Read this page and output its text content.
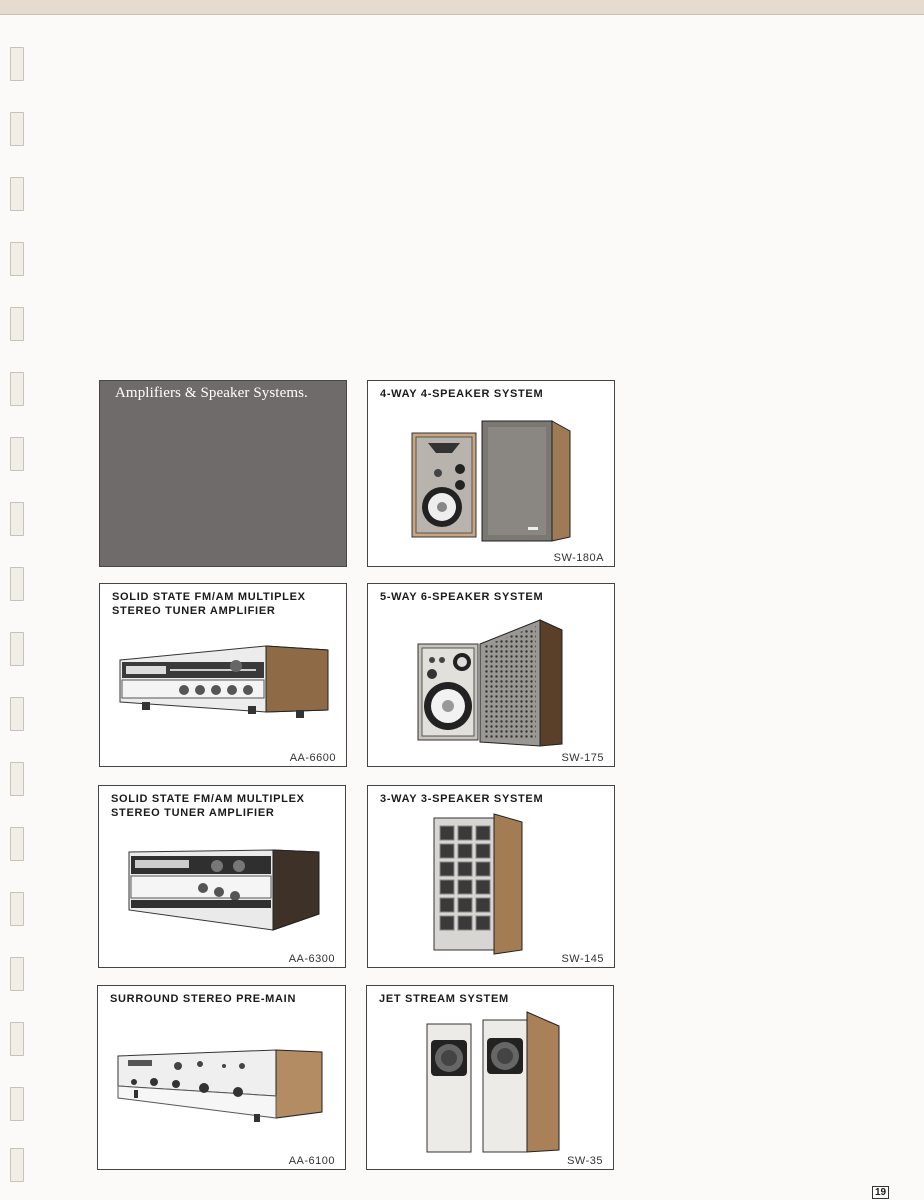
Amplifiers & Speaker Systems.	4-WAY 4-SPEAKER SYSTEM
SW-180A
SOLID STATE FM/AM MULTIPLEX
STEREO TUNER AMPLIFIER
AA-6600
5-WAY 6-SPEAKER SYSTEM
SW-175
SOLID STATE FM/AM MULTIPLEX
STEREO TUNER AMPLIFIER
AA-6300
3-WAY 3-SPEAKER SYSTEM
SW-145
SURROUND STEREO PRE-MAIN
AA-6100
JET STREAM SYSTEM
SW-35
19
